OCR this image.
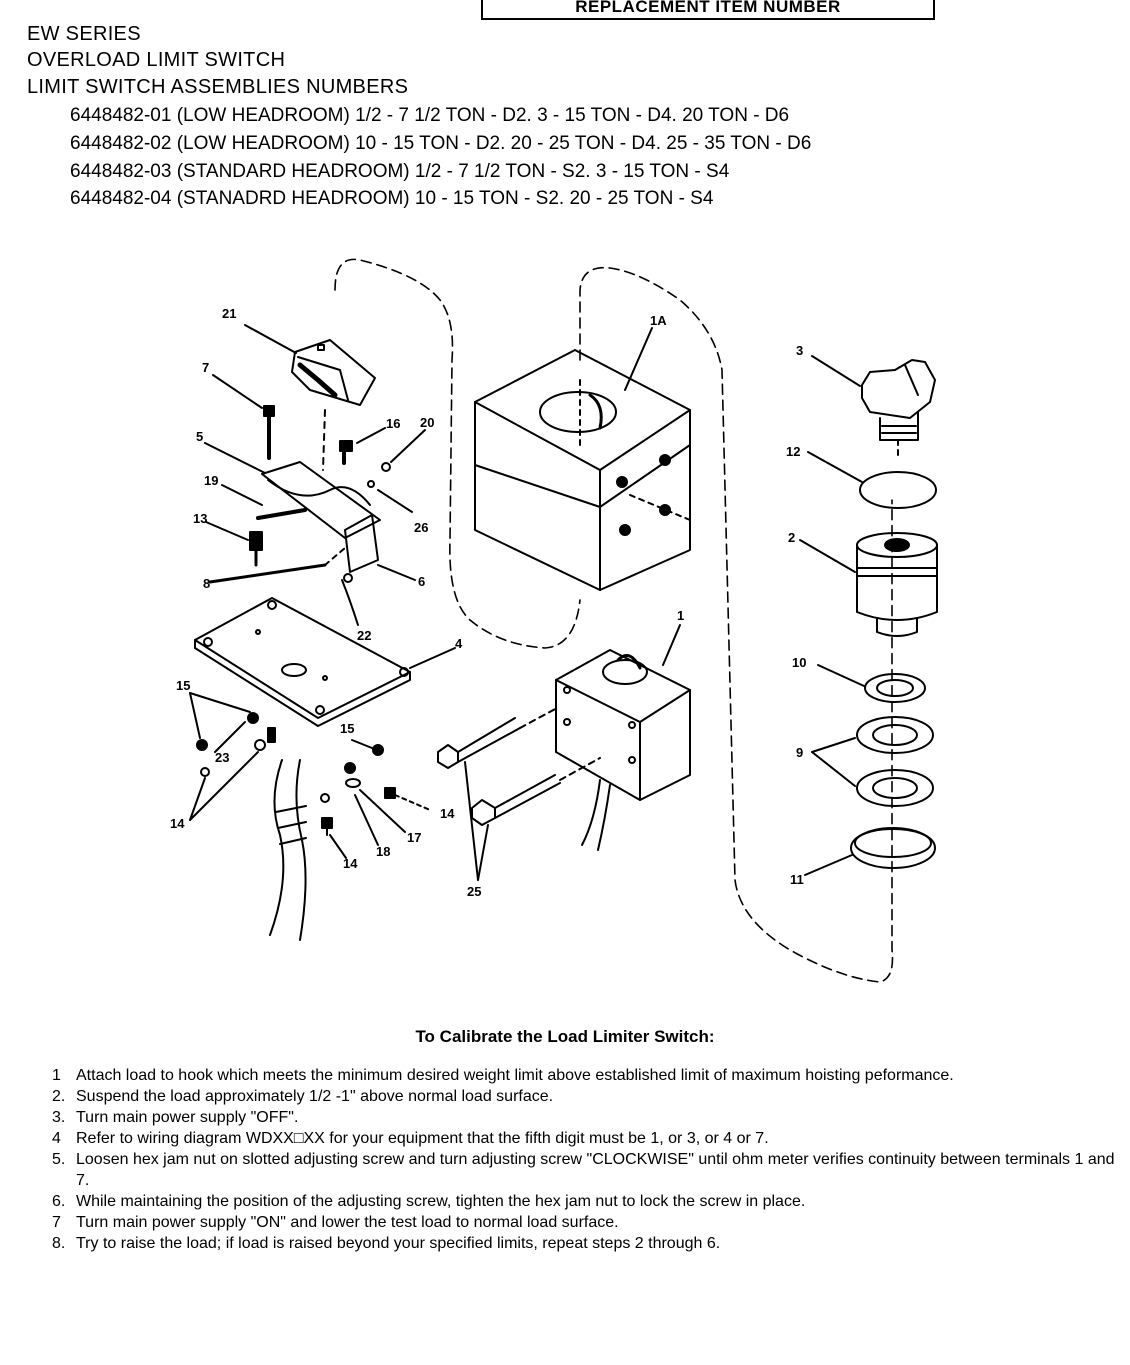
REPLACEMENT ITEM NUMBER
EW SERIES
OVERLOAD LIMIT SWITCH
LIMIT SWITCH ASSEMBLIES NUMBERS
6448482-01 (LOW HEADROOM) 1/2 - 7 1/2 TON - D2. 3 - 15 TON - D4. 20 TON - D6
6448482-02 (LOW HEADROOM) 10 - 15 TON - D2. 20 - 25 TON - D4. 25 - 35 TON - D6
6448482-03 (STANDARD HEADROOM) 1/2 - 7 1/2 TON - S2. 3 - 15 TON - S4
6448482-04 (STANADRD HEADROOM) 10 - 15 TON - S2. 20 - 25 TON - S4
21
7
5
19
13
8
16 20
26
6
22
4
15
23
14
15
17
18
14
14
1A
1
25
3
12
2
10
9
11
To Calibrate the Load Limiter Switch:
1 Attach load to hook which meets the minimum desired weight limit above established limit of maximum hoisting peformance.
2. Suspend the load approximately 1/2 -1" above normal load surface.
3. Turn main power supply "OFF".
4 Refer to wiring diagram WDXX□XX for your equipment that the fifth digit must be 1, or 3, or 4 or 7.
5. Loosen hex jam nut on slotted adjusting screw and turn adjusting screw "CLOCKWISE" until ohm meter verifies continuity between terminals 1 and 7.
6. While maintaining the position of the adjusting screw, tighten the hex jam nut to lock the screw in place.
7 Turn main power supply "ON" and lower the test load to normal load surface.
8. Try to raise the load; if load is raised beyond your specified limits, repeat steps 2 through 6.
